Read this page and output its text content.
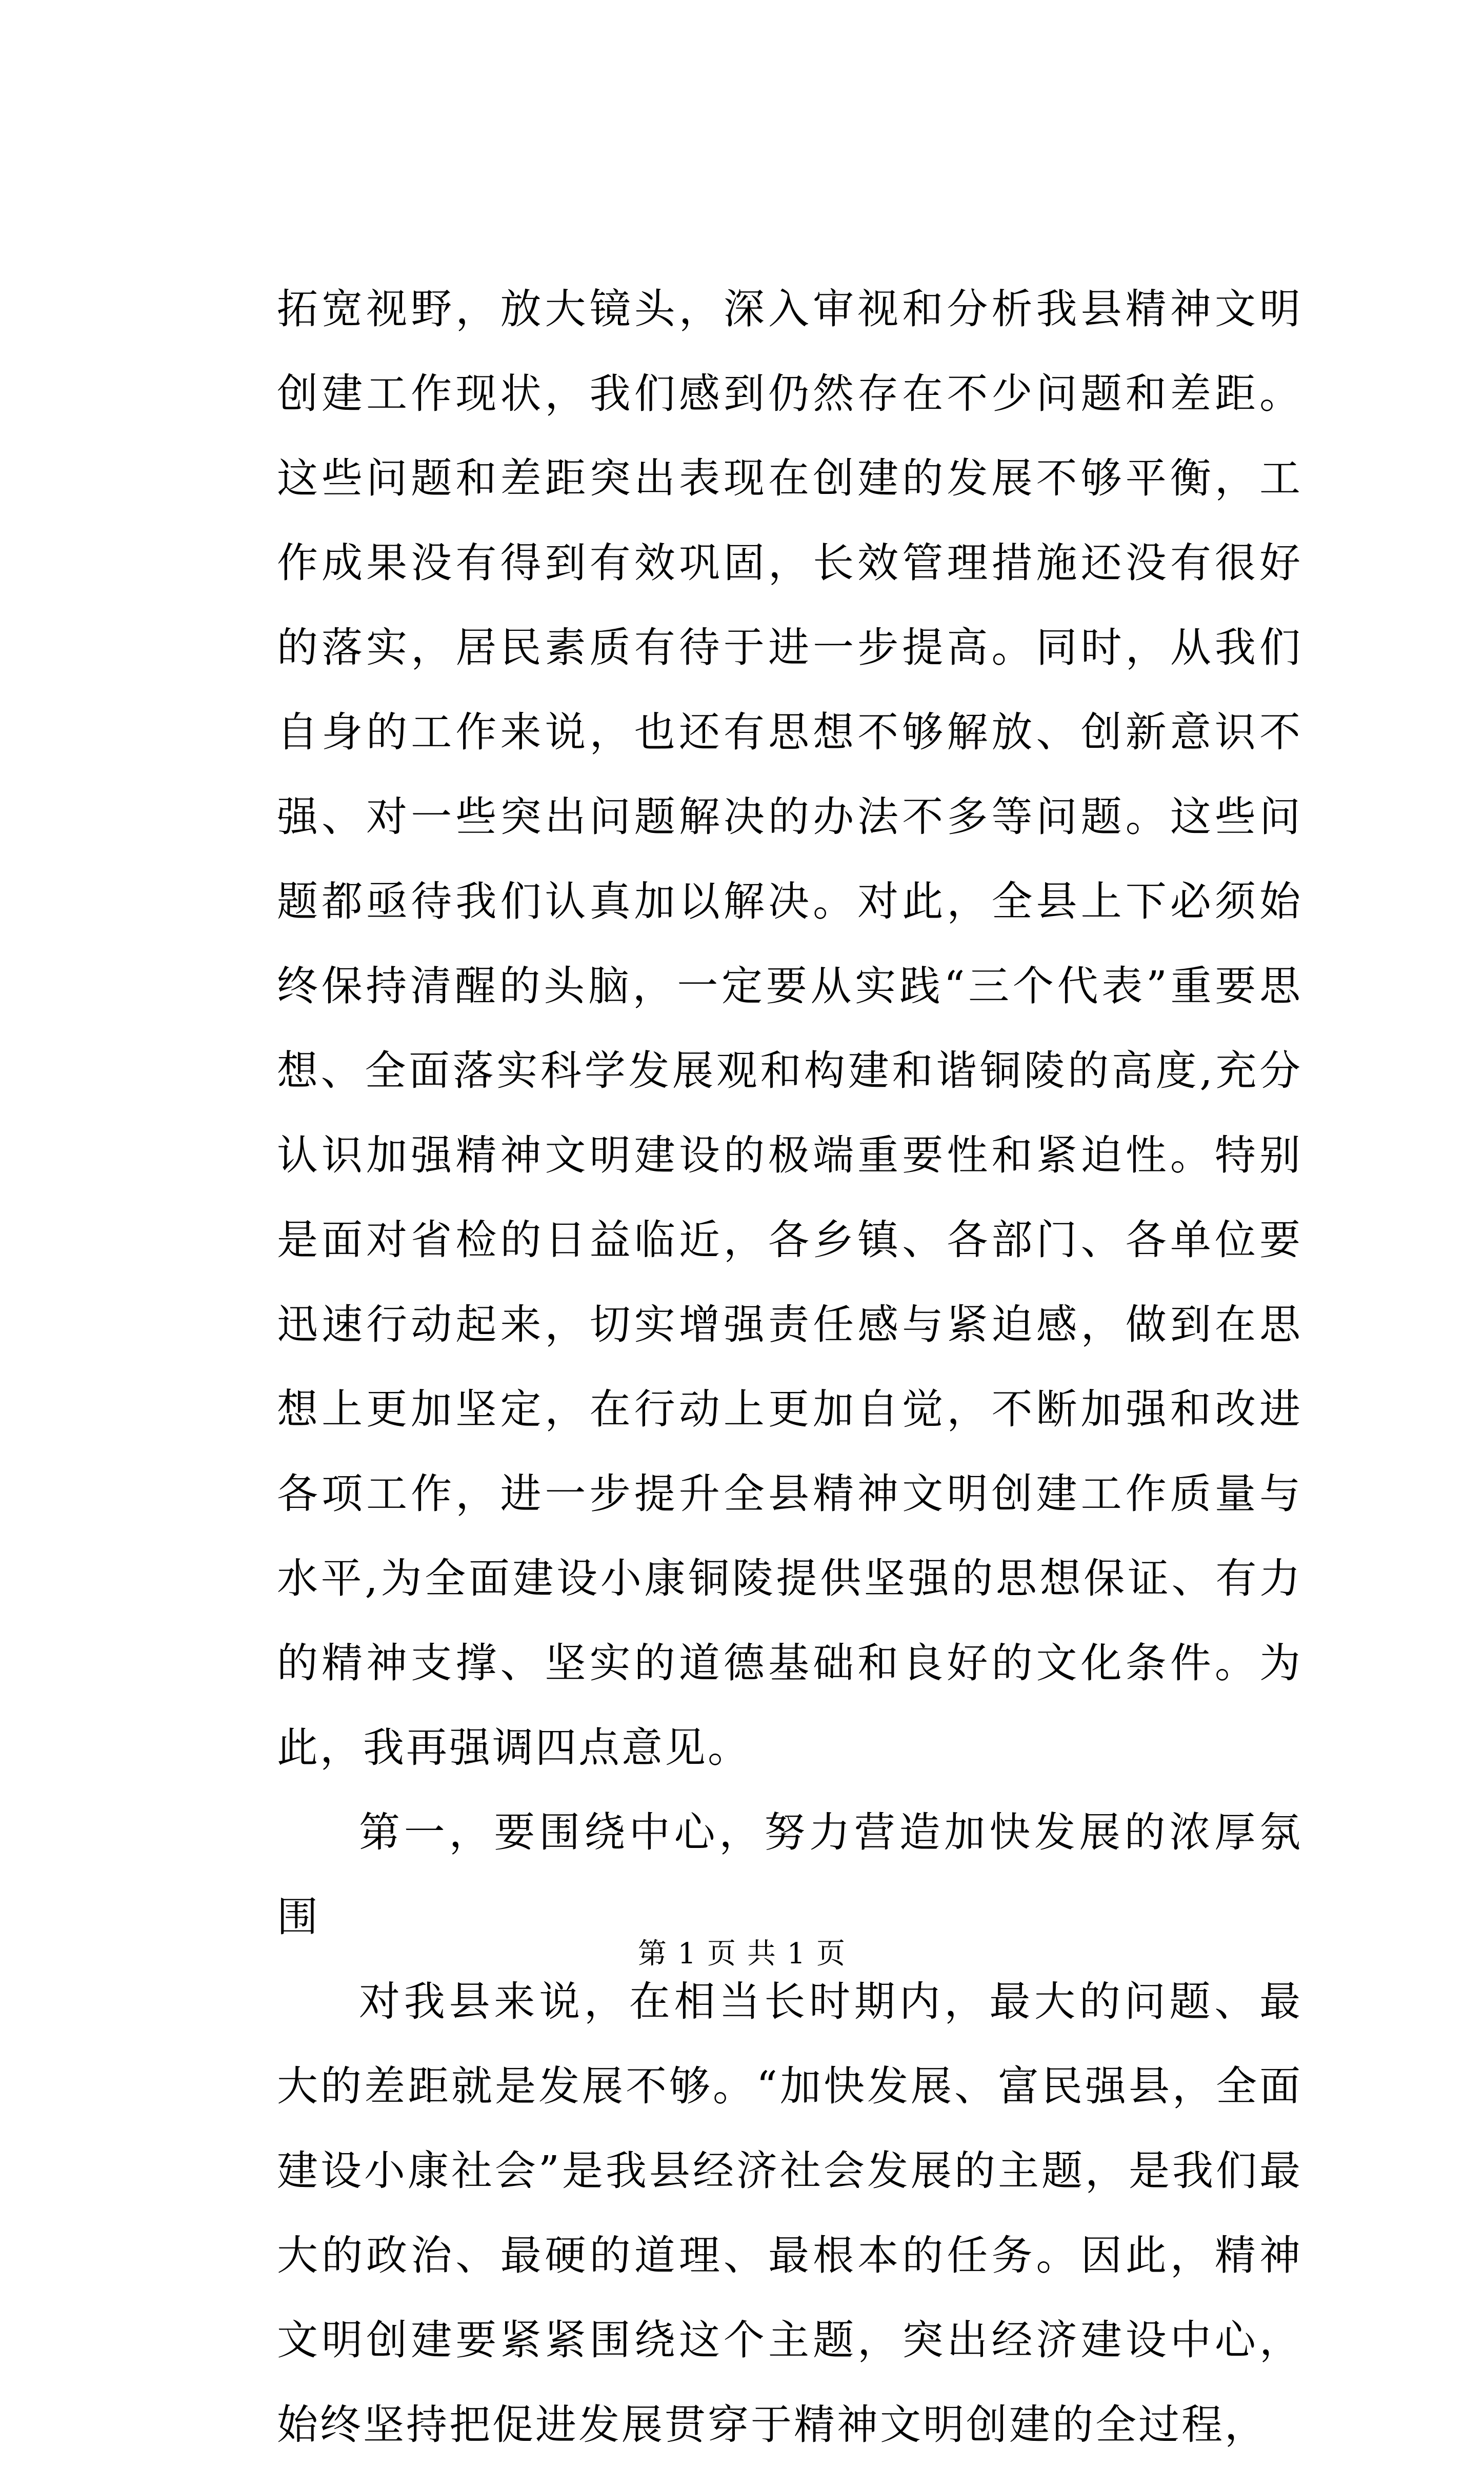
拓宽视野，放大镜头，深入审视和分析我县精神文明创建工作现状，我们感到仍然存在不少问题和差距。这些问题和差距突出表现在创建的发展不够平衡，工作成果没有得到有效巩固，长效管理措施还没有很好的落实，居民素质有待于进一步提高。同时，从我们自身的工作来说，也还有思想不够解放、创新意识不强、对一些突出问题解决的办法不多等问题。这些问题都亟待我们认真加以解决。对此，全县上下必须始终保持清醒的头脑，一定要从实践“三个代表”重要思想、全面落实科学发展观和构建和谐铜陵的高度,充分认识加强精神文明建设的极端重要性和紧迫性。特别是面对省检的日益临近，各乡镇、各部门、各单位要迅速行动起来，切实增强责任感与紧迫感，做到在思想上更加坚定，在行动上更加自觉，不断加强和改进各项工作，进一步提升全县精神文明创建工作质量与水平,为全面建设小康铜陵提供坚强的思想保证、有力的精神支撑、坚实的道德基础和良好的文化条件。为此，我再强调四点意见。

第一，要围绕中心，努力营造加快发展的浓厚氛围

对我县来说，在相当长时期内，最大的问题、最大的差距就是发展不够。“加快发展、富民强县，全面建设小康社会”是我县经济社会发展的主题，是我们最大的政治、最硬的道理、最根本的任务。因此，精神文明创建要紧紧围绕这个主题，突出经济建设中心，始终坚持把促进发展贯穿于精神文明创建的全过程，

第 1 页 共 1 页
